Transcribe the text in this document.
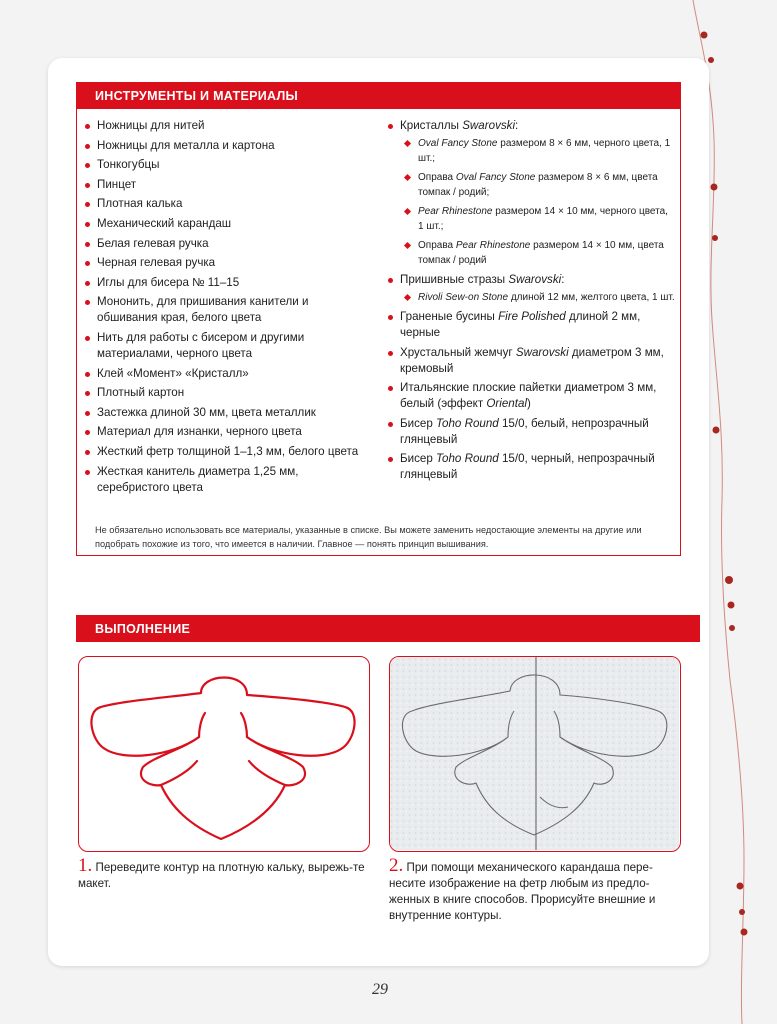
ИНСТРУМЕНТЫ И МАТЕРИАЛЫ
Ножницы для нитей
Ножницы для металла и картона
Тонкогубцы
Пинцет
Плотная калька
Механический карандаш
Белая гелевая ручка
Черная гелевая ручка
Иглы для бисера № 11–15
Мононить, для пришивания канители и обшивания края, белого цвета
Нить для работы с бисером и другими материалами, черного цвета
Клей «Момент» «Кристалл»
Плотный картон
Застежка длиной 30 мм, цвета металлик
Материал для изнанки, черного цвета
Жесткий фетр толщиной 1–1,3 мм, белого цвета
Жесткая канитель диаметра 1,25 мм, серебристого цвета
Кристаллы Swarovski:
Oval Fancy Stone размером 8 × 6 мм, черного цвета, 1 шт.;
Оправа Oval Fancy Stone размером 8 × 6 мм, цвета томпак / родий;
Pear Rhinestone размером 14 × 10 мм, черного цвета, 1 шт.;
Оправа Pear Rhinestone размером 14 × 10 мм, цвета томпак / родий
Пришивные стразы Swarovski:
Rivoli Sew-on Stone длиной 12 мм, желтого цвета, 1 шт.
Граненые бусины Fire Polished длиной 2 мм, черные
Хрустальный жемчуг Swarovski диаметром 3 мм, кремовый
Итальянские плоские пайетки диаметром 3 мм, белый (эффект Oriental)
Бисер Toho Round 15/0, белый, непрозрачный глянцевый
Бисер Toho Round 15/0, черный, непрозрачный глянцевый
Не обязательно использовать все материалы, указанные в списке. Вы можете заменить недостающие элементы на другие или подобрать похожие из того, что имеется в наличии. Главное — понять принцип вышивания.
ВЫПОЛНЕНИЕ
1. Переведите контур на плотную кальку, вырежь-те макет.
2. При помощи механического карандаша пере-несите изображение на фетр любым из предло-женных в книге способов. Прорисуйте внешние и внутренние контуры.
29
